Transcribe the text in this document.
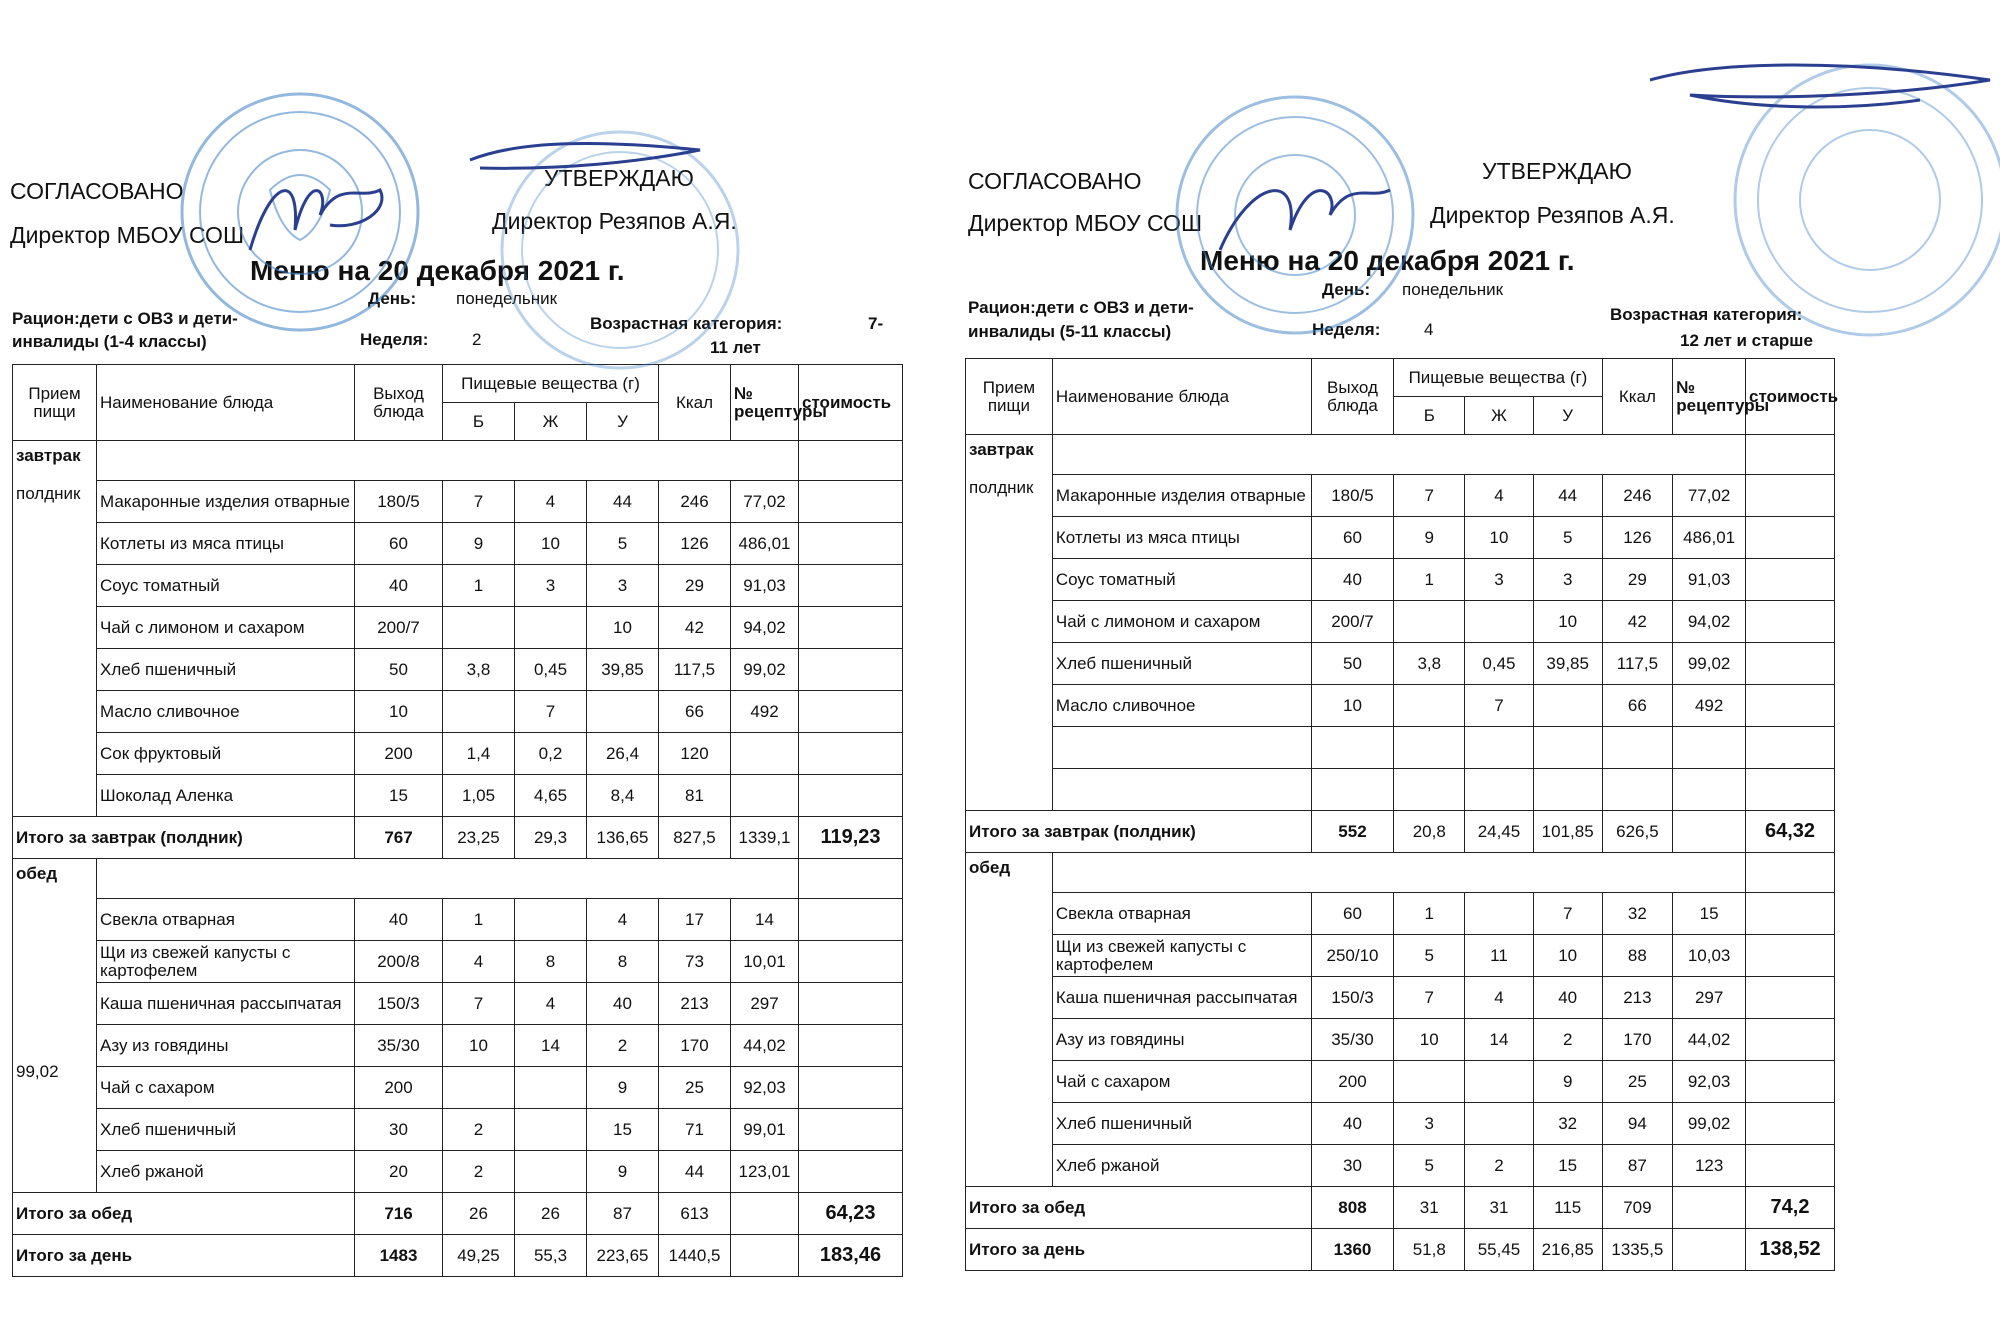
СОГЛАСОВАНО
Директор МБОУ СОШ
УТВЕРЖДАЮ
Директор Резяпов А.Я.
Меню на 20 декабря 2021 г.
День: понедельник
Рацион:дети с ОВЗ и дети-
инвалиды (1-4 классы)	Неделя:	2
Возрастная категория:	7-
11 лет
Прием пищи	Наименование блюда	Выход блюда	Пищевые вещества (г)			Ккал	№ рецептуры	стоимость
			Б	Ж	У			
завтрак
полдник								

	Макаронные изделия отварные	180/5	7	4	44	246	77,02	
	Котлеты из мяса птицы	60	9	10	5	126	486,01	
	Соус томатный	40	1	3	3	29	91,03	
	Чай с лимоном и сахаром	200/7			10	42	94,02	
	Хлеб пшеничный	50	3,8	0,45	39,85	117,5	99,02	
	Масло сливочное	10		7		66	492	
	Сок фруктовый	200	1,4	0,2	26,4	120		
	Шоколад Аленка	15	1,05	4,65	8,4	81		
Итого за завтрак (полдник)		767	23,25	29,3	136,65	827,5	1339,1	119,23
обед
99,02								

	Свекла отварная	40	1		4	17	14	
	Щи из свежей капусты с картофелем	200/8	4	8	8	73	10,01	
	Каша пшеничная рассыпчатая	150/3	7	4	40	213	297	
	Азу из говядины	35/30	10	14	2	170	44,02	
	Чай с сахаром	200			9	25	92,03	
	Хлеб пшеничный	30	2		15	71	99,01	
	Хлеб ржаной	20	2		9	44	123,01	
Итого за обед		716	26	26	87	613		64,23
Итого за день		1483	49,25	55,3	223,65	1440,5		183,46
СОГЛАСОВАНО
Директор МБОУ СОШ
УТВЕРЖДАЮ
Директор Резяпов А.Я.
Меню на 20 декабря 2021 г.
День: понедельник
Рацион:дети с ОВЗ и дети-
инвалиды (5-11 классы)	Неделя:	4
Возрастная категория:
12 лет и старше
Прием пищи	Наименование блюда	Выход блюда	Пищевые вещества (г)			Ккал	№ рецептуры	стоимость
			Б	Ж	У			
завтрак
полдник								

	Макаронные изделия отварные	180/5	7	4	44	246	77,02	
	Котлеты из мяса птицы	60	9	10	5	126	486,01	
	Соус томатный	40	1	3	3	29	91,03	
	Чай с лимоном и сахаром	200/7			10	42	94,02	
	Хлеб пшеничный	50	3,8	0,45	39,85	117,5	99,02	
	Масло сливочное	10		7		66	492	

Итого за завтрак (полдник)		552	20,8	24,45	101,85	626,5		64,32
обед								
	Свекла отварная	60	1		7	32	15	
	Щи из свежей капусты с картофелем	250/10	5	11	10	88	10,03	
	Каша пшеничная рассыпчатая	150/3	7	4	40	213	297	
	Азу из говядины	35/30	10	14	2	170	44,02	
	Чай с сахаром	200			9	25	92,03	
	Хлеб пшеничный	40	3		32	94	99,02	
	Хлеб ржаной	30	5	2	15	87	123	
Итого за обед		808	31	31	115	709		74,2
Итого за день		1360	51,8	55,45	216,85	1335,5		138,52
